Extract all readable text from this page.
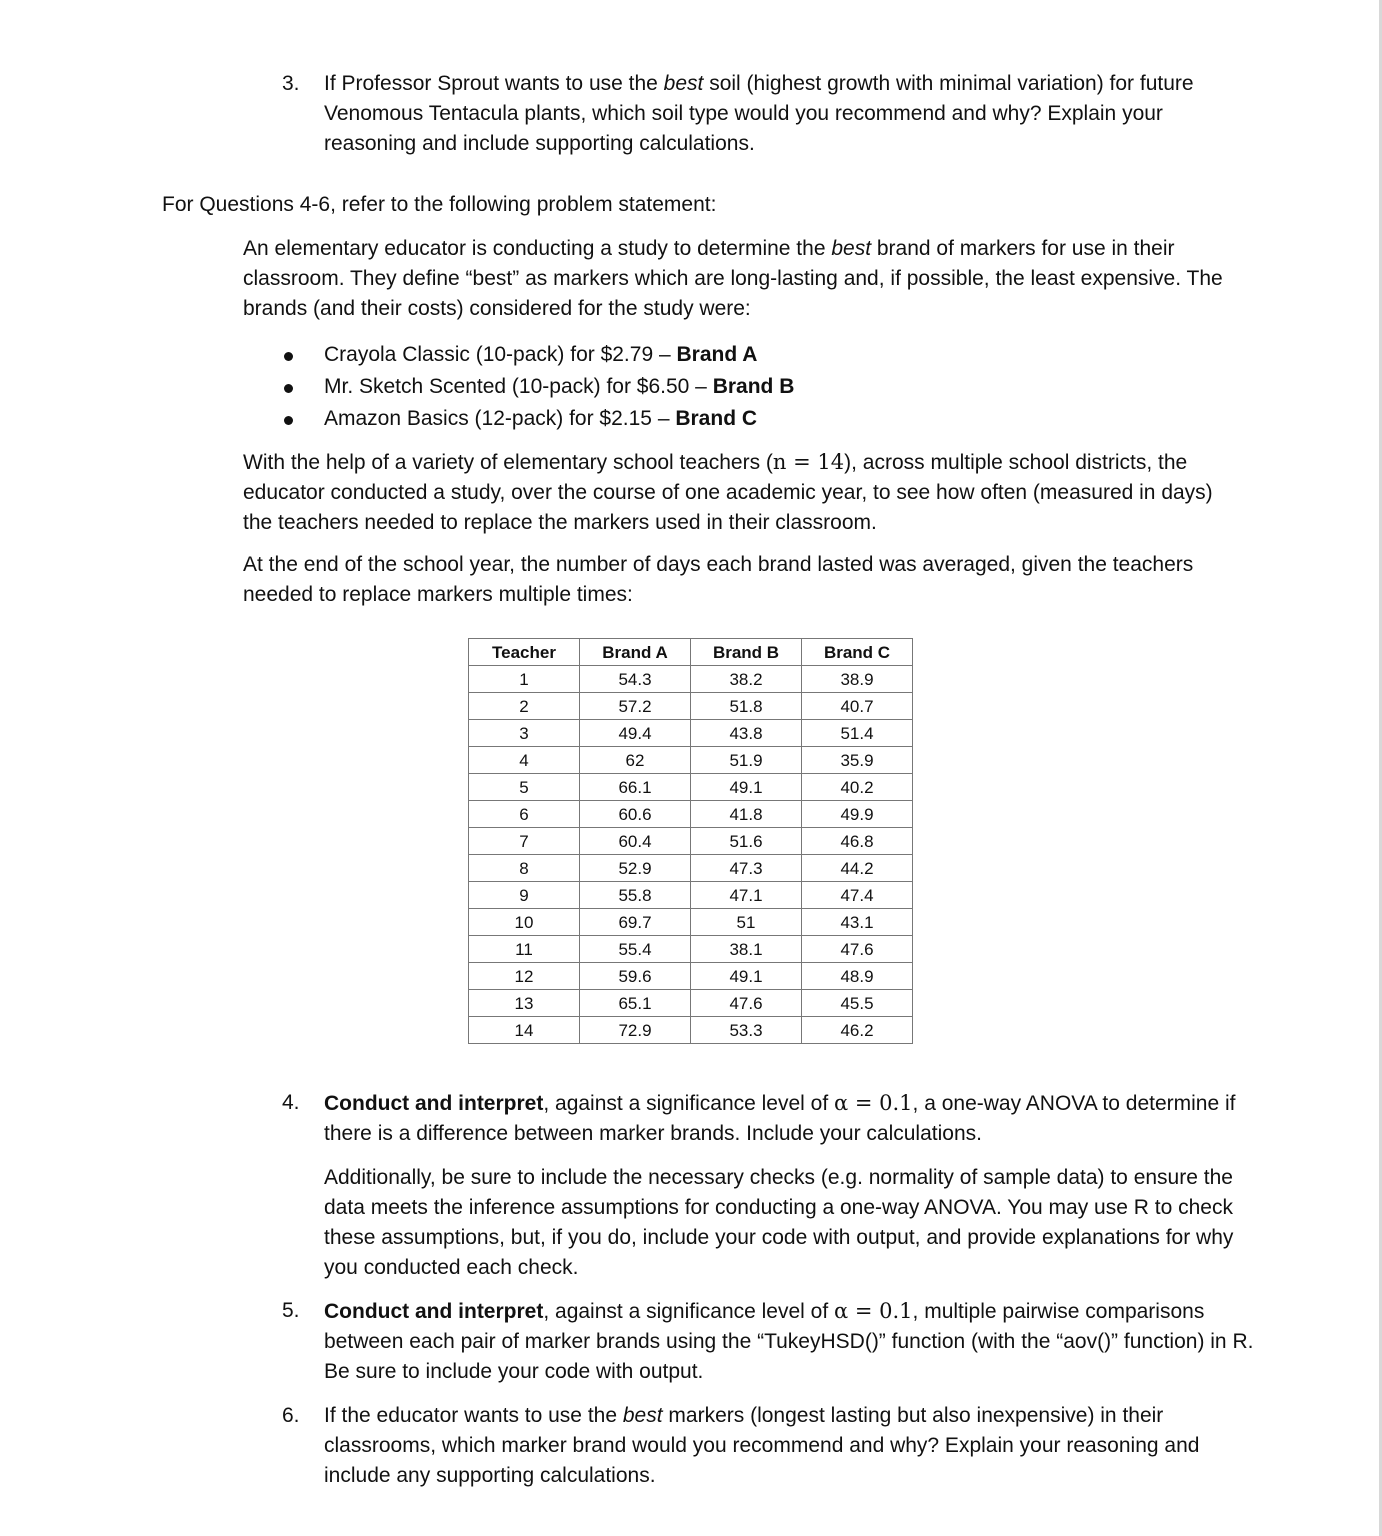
3.	If Professor Sprout wants to use the best soil (highest growth with minimal variation) for future Venomous Tentacula plants, which soil type would you recommend and why? Explain your reasoning and include supporting calculations.

For Questions 4-6, refer to the following problem statement:

An elementary educator is conducting a study to determine the best brand of markers for use in their classroom. They define “best” as markers which are long-lasting and, if possible, the least expensive. The brands (and their costs) considered for the study were:

Crayola Classic (10-pack) for $2.79 – Brand A
Mr. Sketch Scented (10-pack) for $6.50 – Brand B
Amazon Basics (12-pack) for $2.15 – Brand C

With the help of a variety of elementary school teachers (n = 14), across multiple school districts, the educator conducted a study, over the course of one academic year, to see how often (measured in days) the teachers needed to replace the markers used in their classroom.

At the end of the school year, the number of days each brand lasted was averaged, given the teachers needed to replace markers multiple times:

Teacher	Brand A	Brand B	Brand C
1	54.3	38.2	38.9
2	57.2	51.8	40.7
3	49.4	43.8	51.4
4	62	51.9	35.9
5	66.1	49.1	40.2
6	60.6	41.8	49.9
7	60.4	51.6	46.8
8	52.9	47.3	44.2
9	55.8	47.1	47.4
10	69.7	51	43.1
11	55.4	38.1	47.6
12	59.6	49.1	48.9
13	65.1	47.6	45.5
14	72.9	53.3	46.2
4.	Conduct and interpret, against a significance level of α = 0.1, a one-way ANOVA to determine if there is a difference between marker brands. Include your calculations.

Additionally, be sure to include the necessary checks (e.g. normality of sample data) to ensure the data meets the inference assumptions for conducting a one-way ANOVA. You may use R to check these assumptions, but, if you do, include your code with output, and provide explanations for why you conducted each check.

5.	Conduct and interpret, against a significance level of α = 0.1, multiple pairwise comparisons between each pair of marker brands using the “TukeyHSD()” function (with the “aov()” function) in R. Be sure to include your code with output.

6.	If the educator wants to use the best markers (longest lasting but also inexpensive) in their classrooms, which marker brand would you recommend and why? Explain your reasoning and include any supporting calculations.
